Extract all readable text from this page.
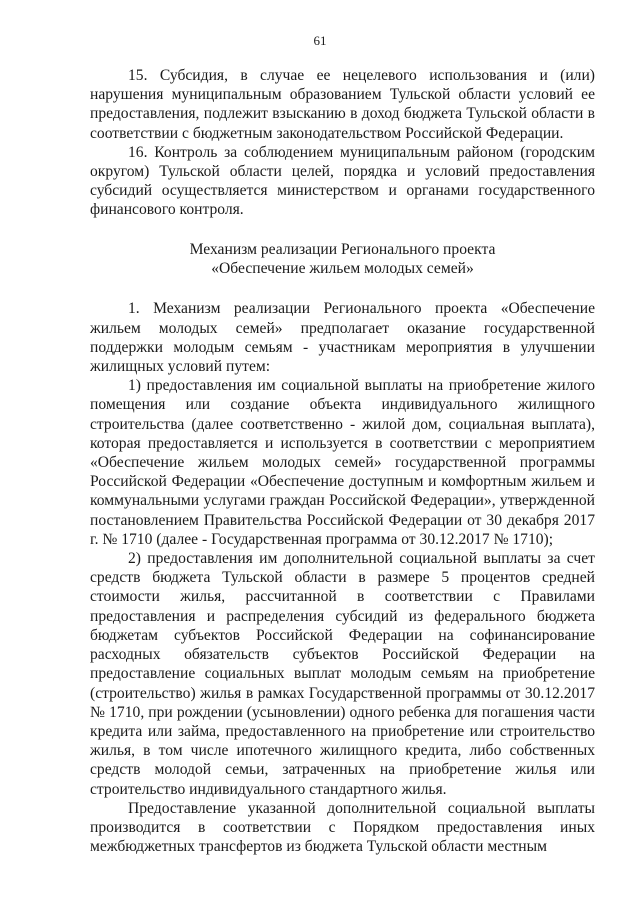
61

15. Субсидия, в случае ее нецелевого использования и (или) нарушения муниципальным образованием Тульской области условий ее предоставления, подлежит взысканию в доход бюджета Тульской области в соответствии с бюджетным законодательством Российской Федерации.

16. Контроль за соблюдением муниципальным районом (городским округом) Тульской области целей, порядка и условий предоставления субсидий осуществляется министерством и органами государственного финансового контроля.

Механизм реализации Регионального проекта
«Обеспечение жильем молодых семей»

1. Механизм реализации Регионального проекта «Обеспечение жильем молодых семей» предполагает оказание государственной поддержки молодым семьям - участникам мероприятия в улучшении жилищных условий путем:

1) предоставления им социальной выплаты на приобретение жилого помещения или создание объекта индивидуального жилищного строительства (далее соответственно - жилой дом, социальная выплата), которая предоставляется и используется в соответствии с мероприятием «Обеспечение жильем молодых семей» государственной программы Российской Федерации «Обеспечение доступным и комфортным жильем и коммунальными услугами граждан Российской Федерации», утвержденной постановлением Правительства Российской Федерации от 30 декабря 2017 г. № 1710 (далее - Государственная программа от 30.12.2017 № 1710);

2) предоставления им дополнительной социальной выплаты за счет средств бюджета Тульской области в размере 5 процентов средней стоимости жилья, рассчитанной в соответствии с Правилами предоставления и распределения субсидий из федерального бюджета бюджетам субъектов Российской Федерации на софинансирование расходных обязательств субъектов Российской Федерации на предоставление социальных выплат молодым семьям на приобретение (строительство) жилья в рамках Государственной программы от 30.12.2017 № 1710, при рождении (усыновлении) одного ребенка для погашения части кредита или займа, предоставленного на приобретение или строительство жилья, в том числе ипотечного жилищного кредита, либо собственных средств молодой семьи, затраченных на приобретение жилья или строительство индивидуального стандартного жилья.

Предоставление указанной дополнительной социальной выплаты производится в соответствии с Порядком предоставления иных межбюджетных трансфертов из бюджета Тульской области местным
